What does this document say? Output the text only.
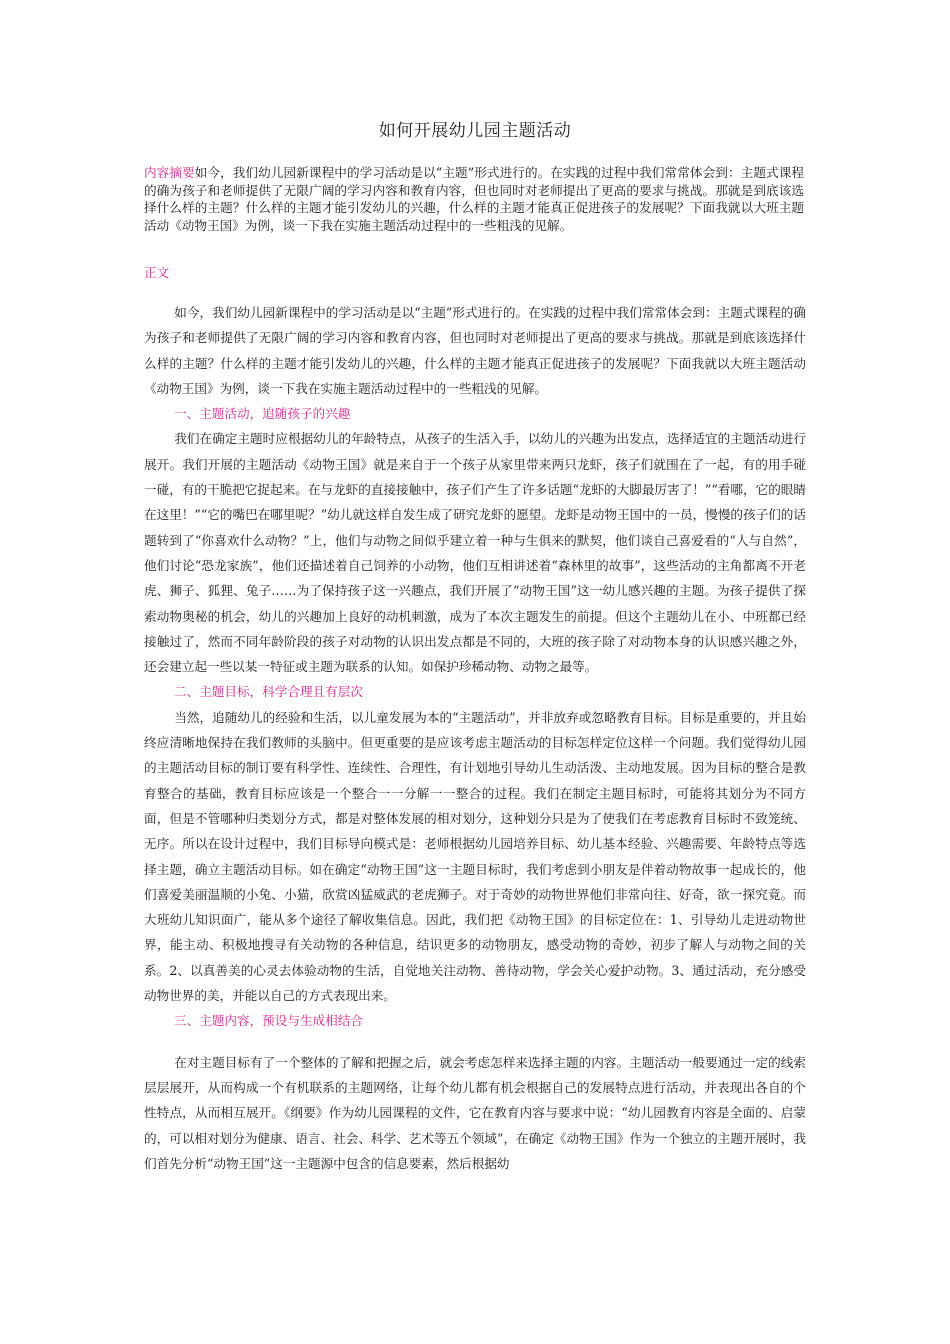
如何开展幼儿园主题活动
内容摘要如今，我们幼儿园新课程中的学习活动是以“主题”形式进行的。在实践的过程中我们常常体会到：主题式课程的确为孩子和老师提供了无限广阔的学习内容和教育内容，但也同时对老师提出了更高的要求与挑战。那就是到底该选择什么样的主题？什么样的主题才能引发幼儿的兴趣，什么样的主题才能真正促进孩子的发展呢？下面我就以大班主题活动《动物王国》为例，谈一下我在实施主题活动过程中的一些粗浅的见解。
正文

如今，我们幼儿园新课程中的学习活动是以“主题”形式进行的。在实践的过程中我们常常体会到：主题式课程的确为孩子和老师提供了无限广阔的学习内容和教育内容，但也同时对老师提出了更高的要求与挑战。那就是到底该选择什么样的主题？什么样的主题才能引发幼儿的兴趣，什么样的主题才能真正促进孩子的发展呢？下面我就以大班主题活动《动物王国》为例，谈一下我在实施主题活动过程中的一些粗浅的见解。

一、主题活动，追随孩子的兴趣

我们在确定主题时应根据幼儿的年龄特点，从孩子的生活入手，以幼儿的兴趣为出发点，选择适宜的主题活动进行展开。我们开展的主题活动《动物王国》就是来自于一个孩子从家里带来两只龙虾，孩子们就围在了一起，有的用手碰一碰，有的干脆把它捉起来。在与龙虾的直接接触中，孩子们产生了许多话题“龙虾的大脚最厉害了！”“看哪，它的眼睛在这里！”“它的嘴巴在哪里呢？”幼儿就这样自发生成了研究龙虾的愿望。龙虾是动物王国中的一员，慢慢的孩子们的话题转到了“你喜欢什么动物？”上，他们与动物之间似乎建立着一种与生俱来的默契，他们谈自己喜爱看的“人与自然”，他们讨论“恐龙家族”，他们还描述着自己饲养的小动物，他们互相讲述着“森林里的故事”，这些活动的主角都离不开老虎、狮子、狐狸、兔子……为了保持孩子这一兴趣点，我们开展了“动物王国”这一幼儿感兴趣的主题。为孩子提供了探索动物奥秘的机会，幼儿的兴趣加上良好的动机刺激，成为了本次主题发生的前提。但这个主题幼儿在小、中班都已经接触过了，然而不同年龄阶段的孩子对动物的认识出发点都是不同的，大班的孩子除了对动物本身的认识感兴趣之外，还会建立起一些以某一特征或主题为联系的认知。如保护珍稀动物、动物之最等。

二、主题目标，科学合理且有层次

当然，追随幼儿的经验和生活，以儿童发展为本的“主题活动”，并非放弃或忽略教育目标。目标是重要的，并且始终应清晰地保持在我们教师的头脑中。但更重要的是应该考虑主题活动的目标怎样定位这样一个问题。我们觉得幼儿园的主题活动目标的制订要有科学性、连续性、合理性，有计划地引导幼儿生动活泼、主动地发展。因为目标的整合是教育整合的基础，教育目标应该是一个整合一一分解一一整合的过程。我们在制定主题目标时，可能将其划分为不同方面，但是不管哪种归类划分方式，都是对整体发展的相对划分，这种划分只是为了使我们在考虑教育目标时不致笼统、无序。所以在设计过程中，我们目标导向模式是：老师根据幼儿园培养目标、幼儿基本经验、兴趣需要、年龄特点等选择主题，确立主题活动目标。如在确定“动物王国”这一主题目标时，我们考虑到小朋友是伴着动物故事一起成长的，他们喜爱美丽温顺的小兔、小猫，欣赏凶猛威武的老虎狮子。对于奇妙的动物世界他们非常向往、好奇，欲一探究竟。而大班幼儿知识面广，能从多个途径了解收集信息。因此，我们把《动物王国》的目标定位在：1、引导幼儿走进动物世界，能主动、积极地搜寻有关动物的各种信息，结识更多的动物朋友，感受动物的奇妙，初步了解人与动物之间的关系。2、以真善美的心灵去体验动物的生活，自觉地关注动物、善待动物，学会关心爱护动物。3、通过活动，充分感受动物世界的美，并能以自己的方式表现出来。

三、主题内容，预设与生成相结合

在对主题目标有了一个整体的了解和把握之后，就会考虑怎样来选择主题的内容。主题活动一般要通过一定的线索层层展开，从而构成一个有机联系的主题网络，让每个幼儿都有机会根据自己的发展特点进行活动，并表现出各自的个性特点，从而相互展开。《纲要》作为幼儿园课程的文件，它在教育内容与要求中说：“幼儿园教育内容是全面的、启蒙的，可以相对划分为健康、语言、社会、科学、艺术等五个领域”，在确定《动物王国》作为一个独立的主题开展时，我们首先分析“动物王国”这一主题源中包含的信息要素，然后根据幼
